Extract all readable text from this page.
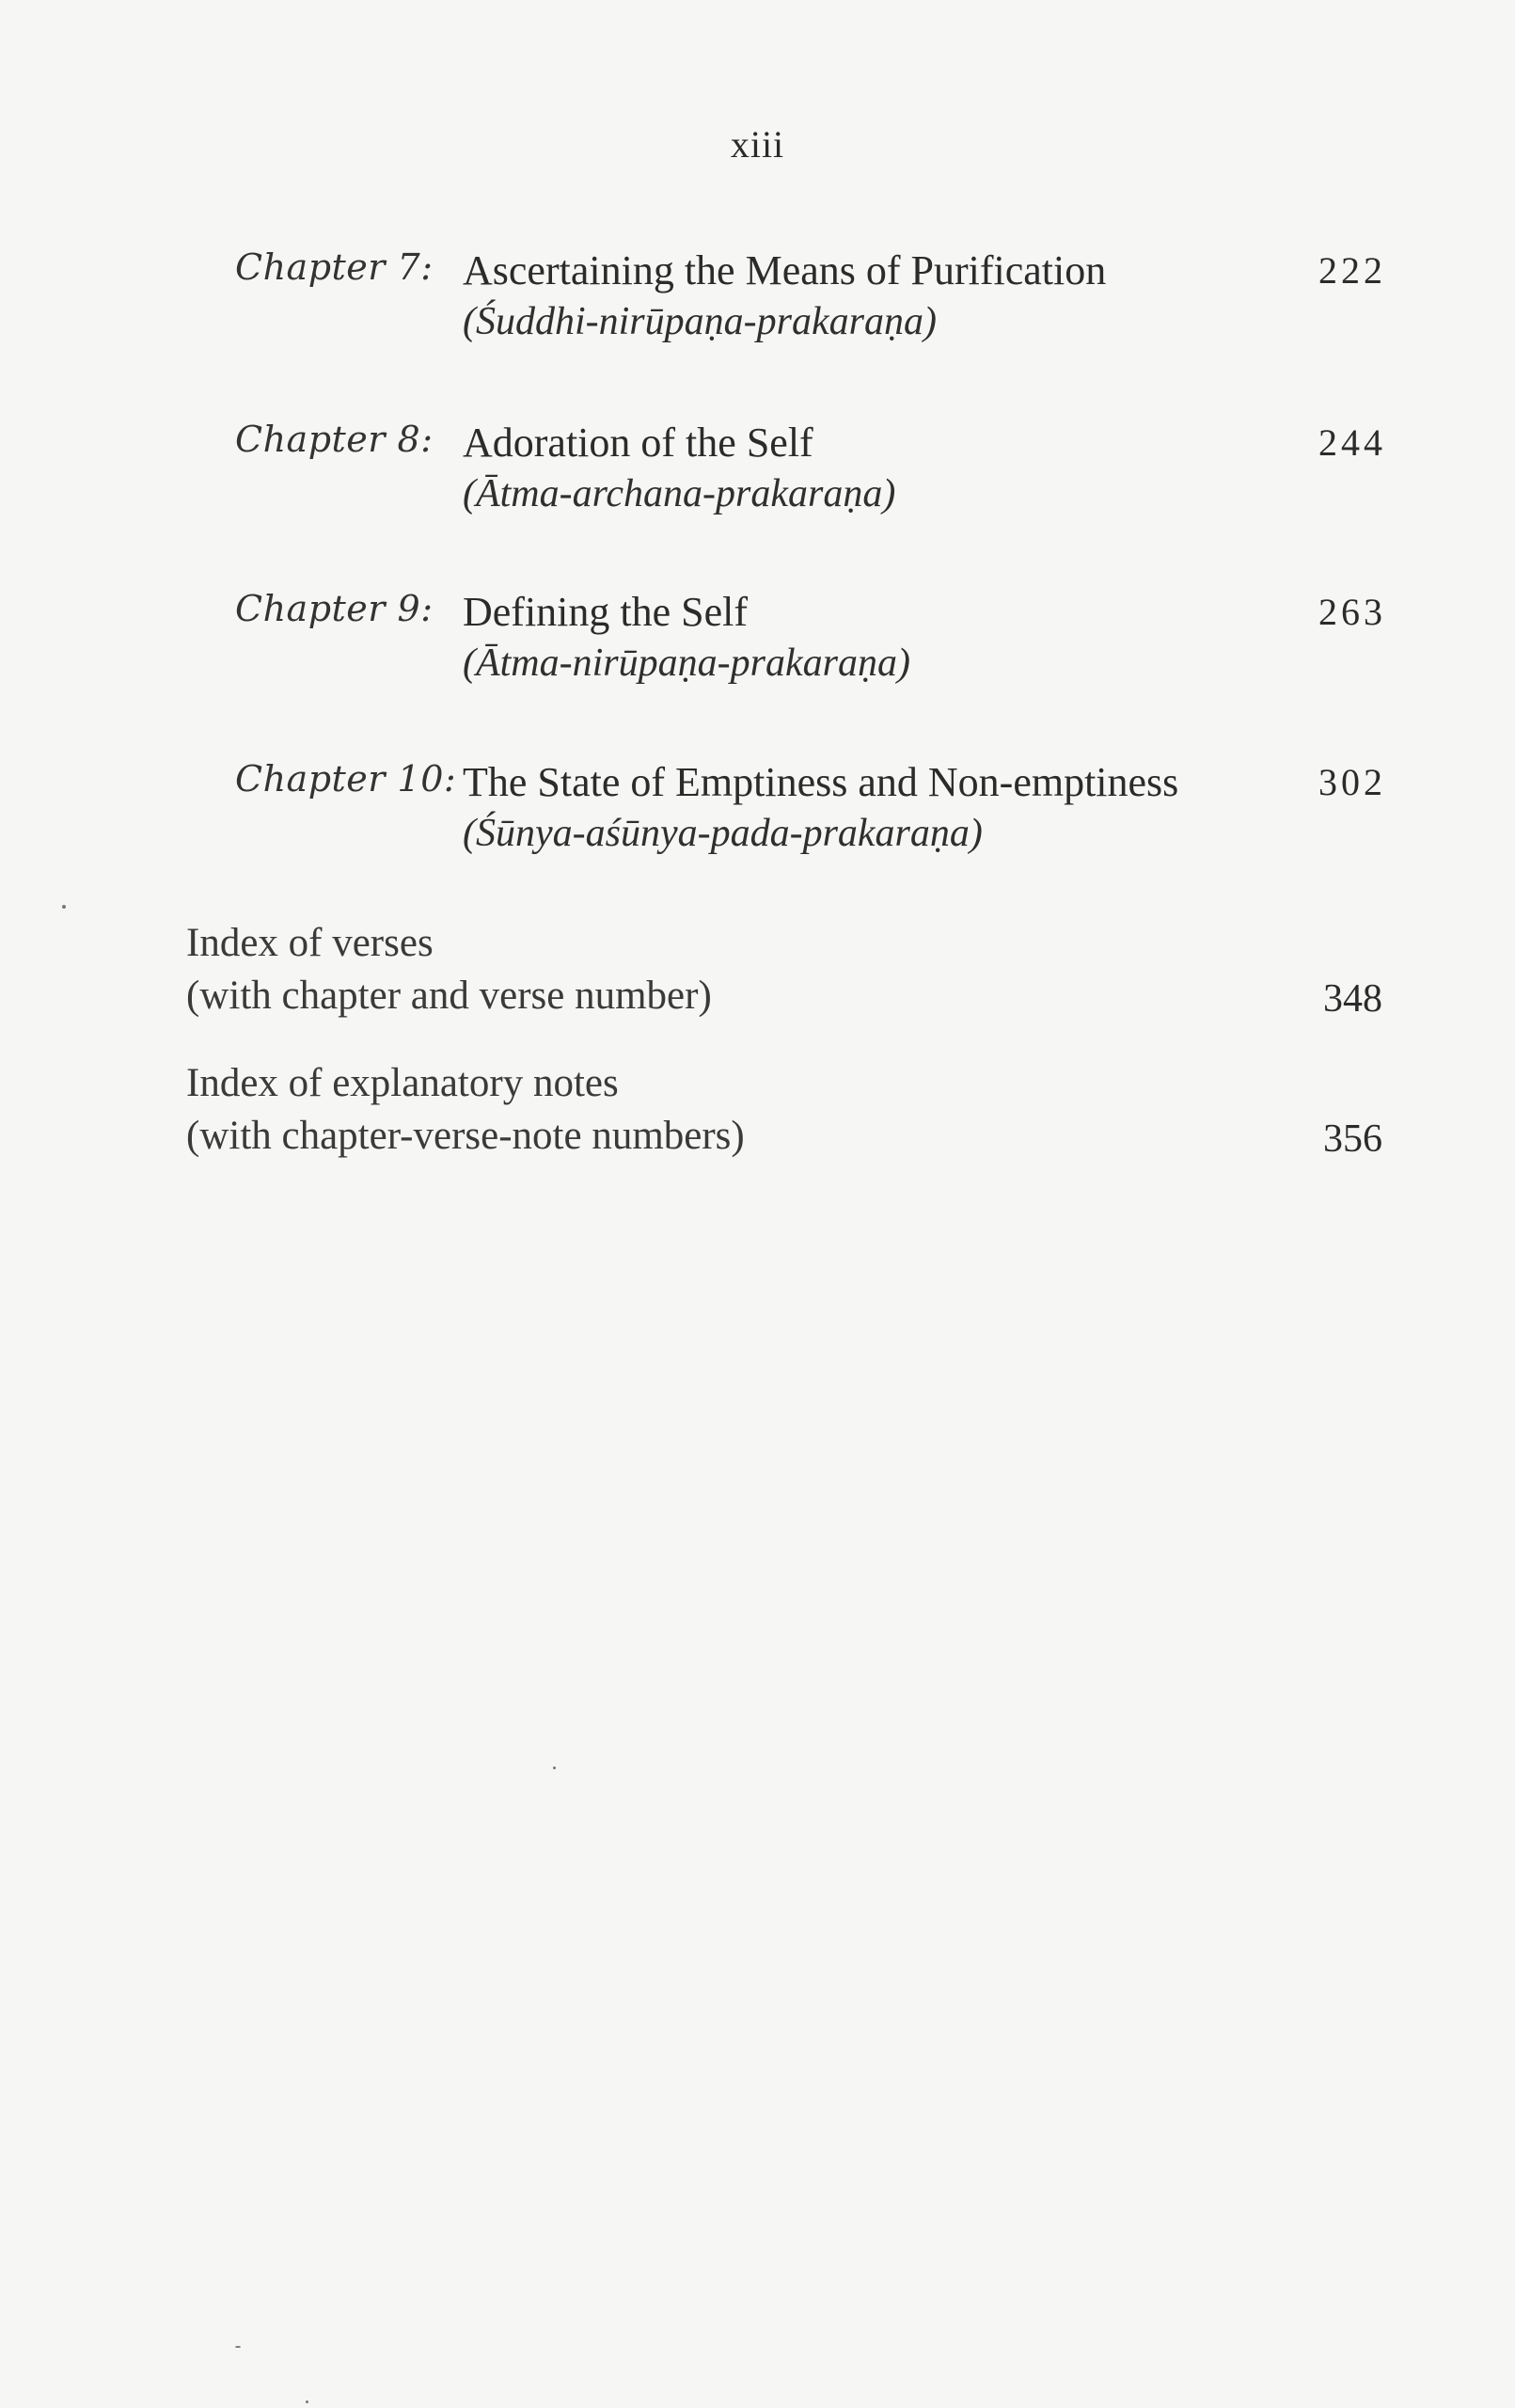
xiii
Chapter 7: Ascertaining the Means of Purification
(Śuddhi-nirūpaṇa-prakaraṇa)
222
Chapter 8: Adoration of the Self
(Ātma-archana-prakaraṇa)
244
Chapter 9: Defining the Self
(Ātma-nirūpaṇa-prakaraṇa)
263
Chapter 10: The State of Emptiness and Non-emptiness
(Śūnya-aśūnya-pada-prakaraṇa)
302
Index of verses
(with chapter and verse number)	348
Index of explanatory notes
(with chapter-verse-note numbers)	356
